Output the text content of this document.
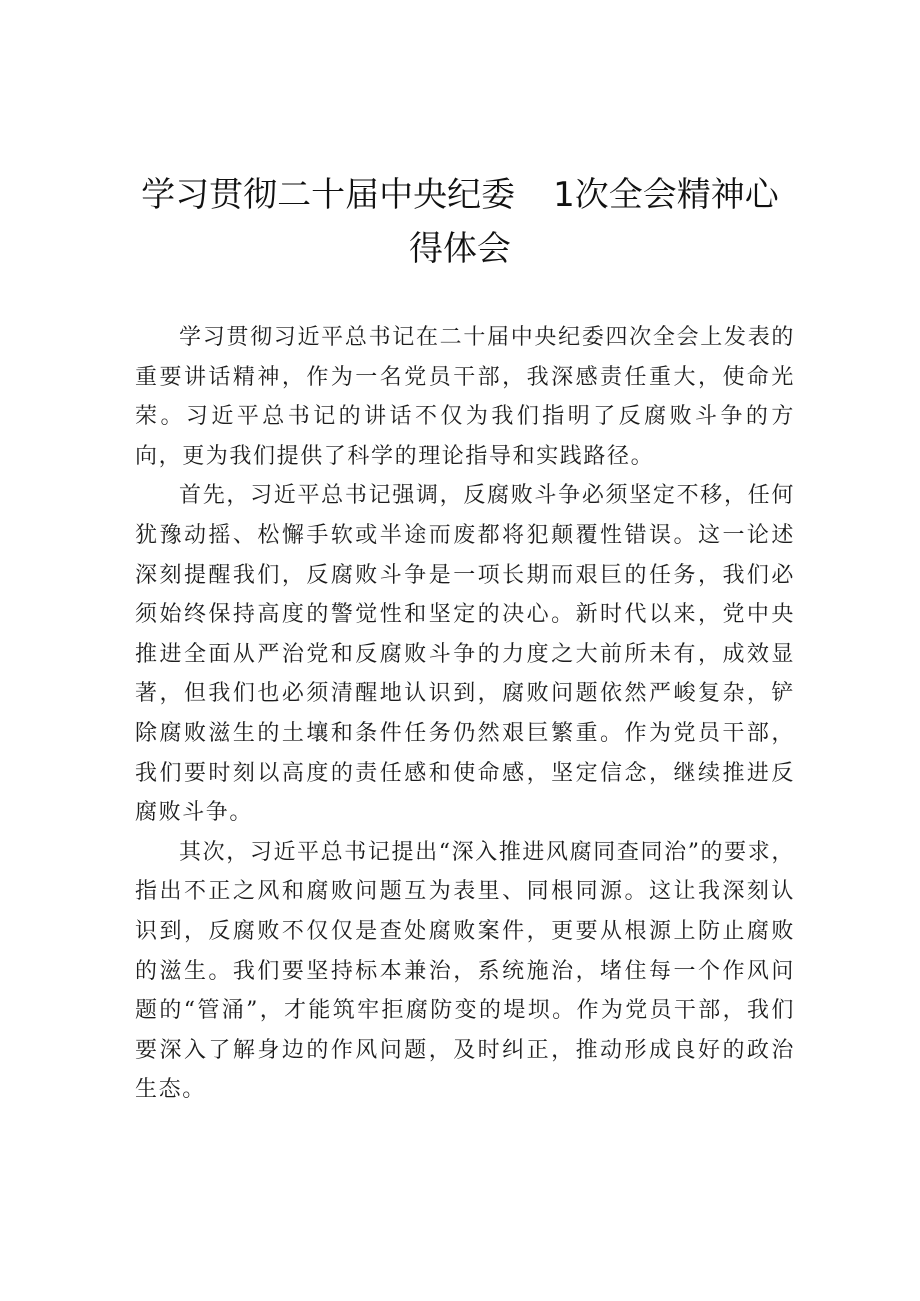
学习贯彻二十届中央纪委 1次全会精神心
得体会

学习贯彻习近平总书记在二十届中央纪委四次全会上发表的重要讲话精神，作为一名党员干部，我深感责任重大，使命光荣。习近平总书记的讲话不仅为我们指明了反腐败斗争的方向，更为我们提供了科学的理论指导和实践路径。

首先，习近平总书记强调，反腐败斗争必须坚定不移，任何犹豫动摇、松懈手软或半途而废都将犯颠覆性错误。这一论述深刻提醒我们，反腐败斗争是一项长期而艰巨的任务，我们必须始终保持高度的警觉性和坚定的决心。新时代以来，党中央推进全面从严治党和反腐败斗争的力度之大前所未有，成效显著，但我们也必须清醒地认识到，腐败问题依然严峻复杂，铲除腐败滋生的土壤和条件任务仍然艰巨繁重。作为党员干部，我们要时刻以高度的责任感和使命感，坚定信念，继续推进反腐败斗争。

其次，习近平总书记提出“深入推进风腐同查同治”的要求，指出不正之风和腐败问题互为表里、同根同源。这让我深刻认识到，反腐败不仅仅是查处腐败案件，更要从根源上防止腐败的滋生。我们要坚持标本兼治，系统施治，堵住每一个作风问题的“管涌”，才能筑牢拒腐防变的堤坝。作为党员干部，我们要深入了解身边的作风问题，及时纠正，推动形成良好的政治生态。
